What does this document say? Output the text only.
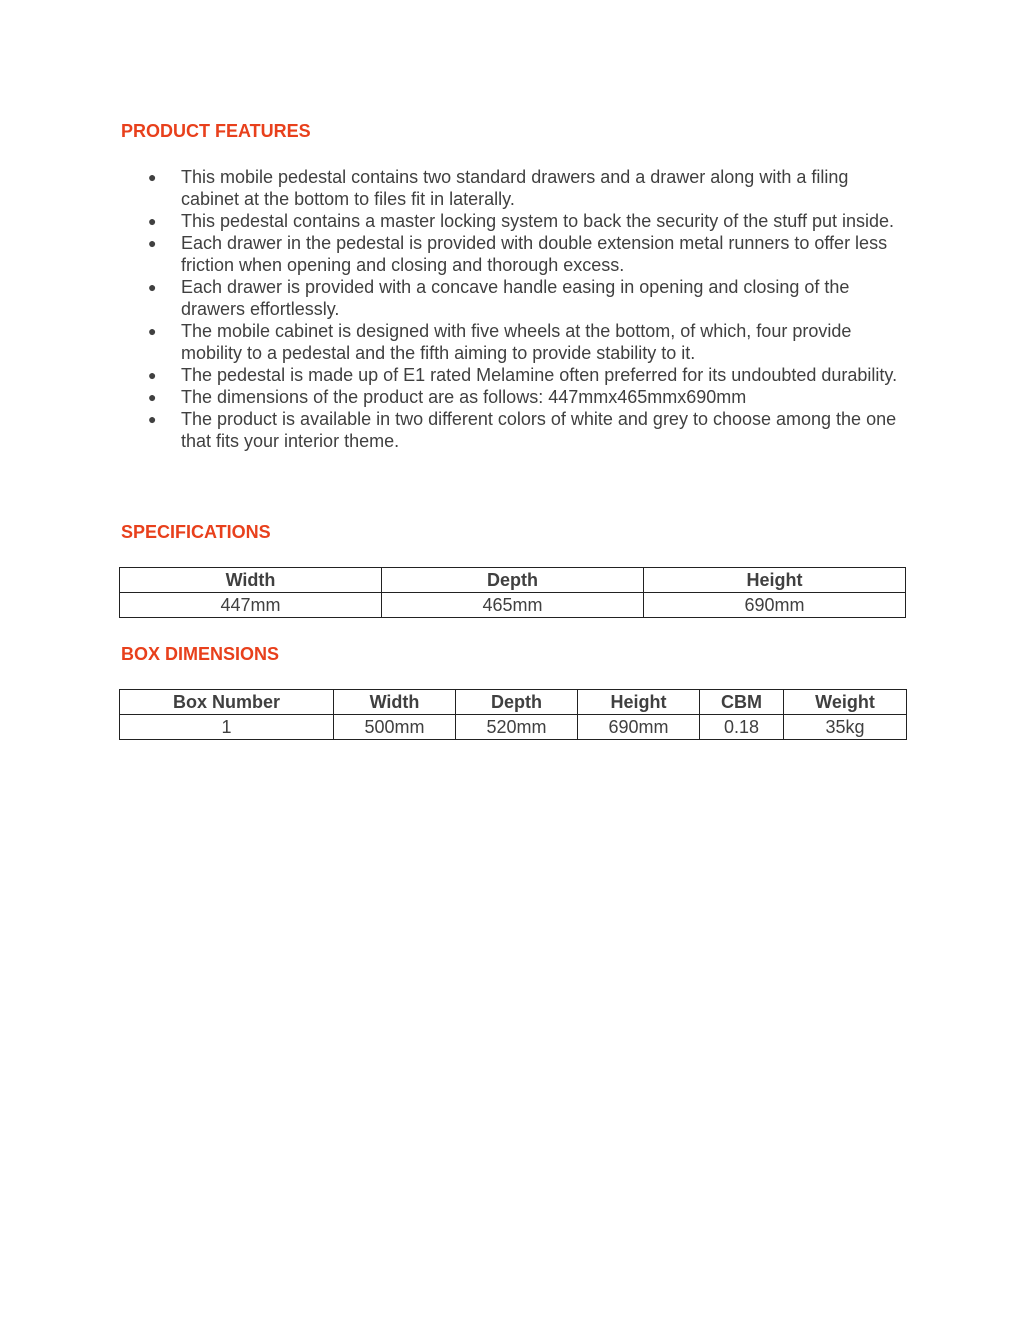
PRODUCT FEATURES
● This mobile pedestal contains two standard drawers and a drawer along with a filing cabinet at the bottom to files fit in laterally.
● This pedestal contains a master locking system to back the security of the stuff put inside.
● Each drawer in the pedestal is provided with double extension metal runners to offer less friction when opening and closing and thorough excess.
● Each drawer is provided with a concave handle easing in opening and closing of the drawers effortlessly.
● The mobile cabinet is designed with five wheels at the bottom, of which, four provide mobility to a pedestal and the fifth aiming to provide stability to it.
● The pedestal is made up of E1 rated Melamine often preferred for its undoubted durability.
● The dimensions of the product are as follows: 447mmx465mmx690mm
● The product is available in two different colors of white and grey to choose among the one that fits your interior theme.
SPECIFICATIONS
Width	Depth	Height
447mm	465mm	690mm
BOX DIMENSIONS
Box Number	Width	Depth	Height	CBM	Weight
1	500mm	520mm	690mm	0.18	35kg
